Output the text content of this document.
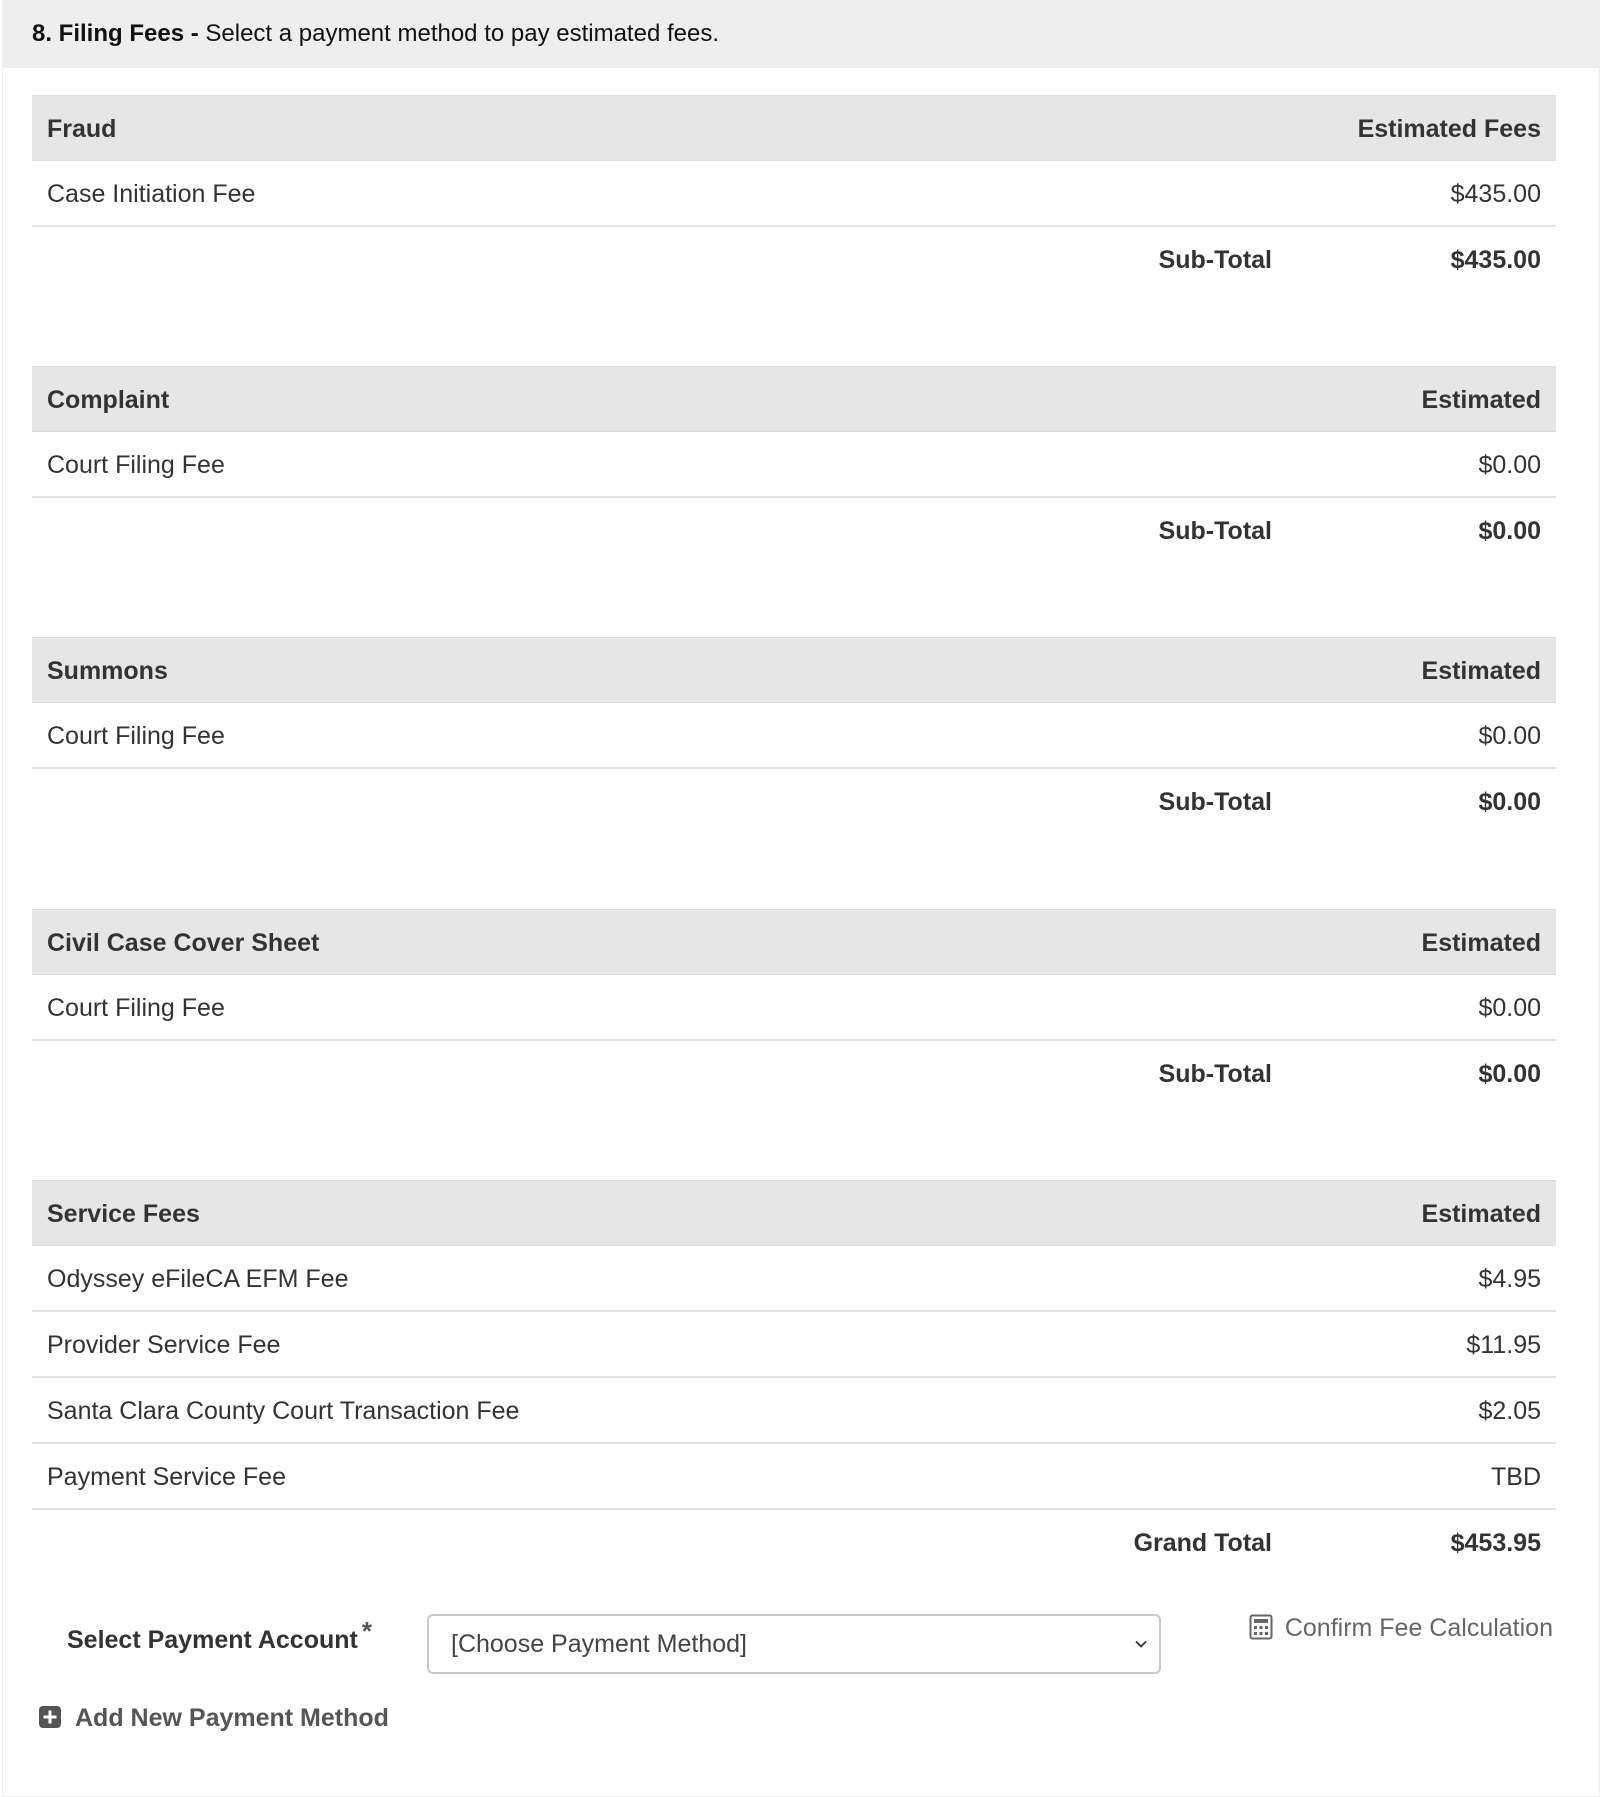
8. Filing Fees - Select a payment method to pay estimated fees.
Fraud	Estimated Fees
Case Initiation Fee	$435.00
Sub-Total	$435.00
Complaint	Estimated
Court Filing Fee	$0.00
Sub-Total	$0.00
Summons	Estimated
Court Filing Fee	$0.00
Sub-Total	$0.00
Civil Case Cover Sheet	Estimated
Court Filing Fee	$0.00
Sub-Total	$0.00
Service Fees	Estimated
Odyssey eFileCA EFM Fee	$4.95
Provider Service Fee	$11.95
Santa Clara County Court Transaction Fee	$2.05
Payment Service Fee	TBD
Grand Total	$453.95
Select Payment Account *	[Choose Payment Method]
Confirm Fee Calculation
Add New Payment Method
